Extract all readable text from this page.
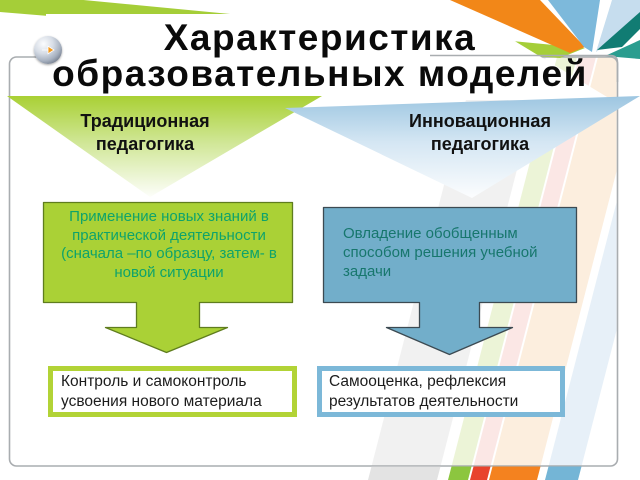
Характеристика
образовательных моделей
Традиционная педагогика
Инновационная педагогика
Применение новых знаний в практической деятельности (сначала –по образцу, затем- в новой ситуации
Овладение обобщенным способом решения учебной задачи
Контроль и самоконтроль усвоения нового материала
Самооценка, рефлексия результатов деятельности
